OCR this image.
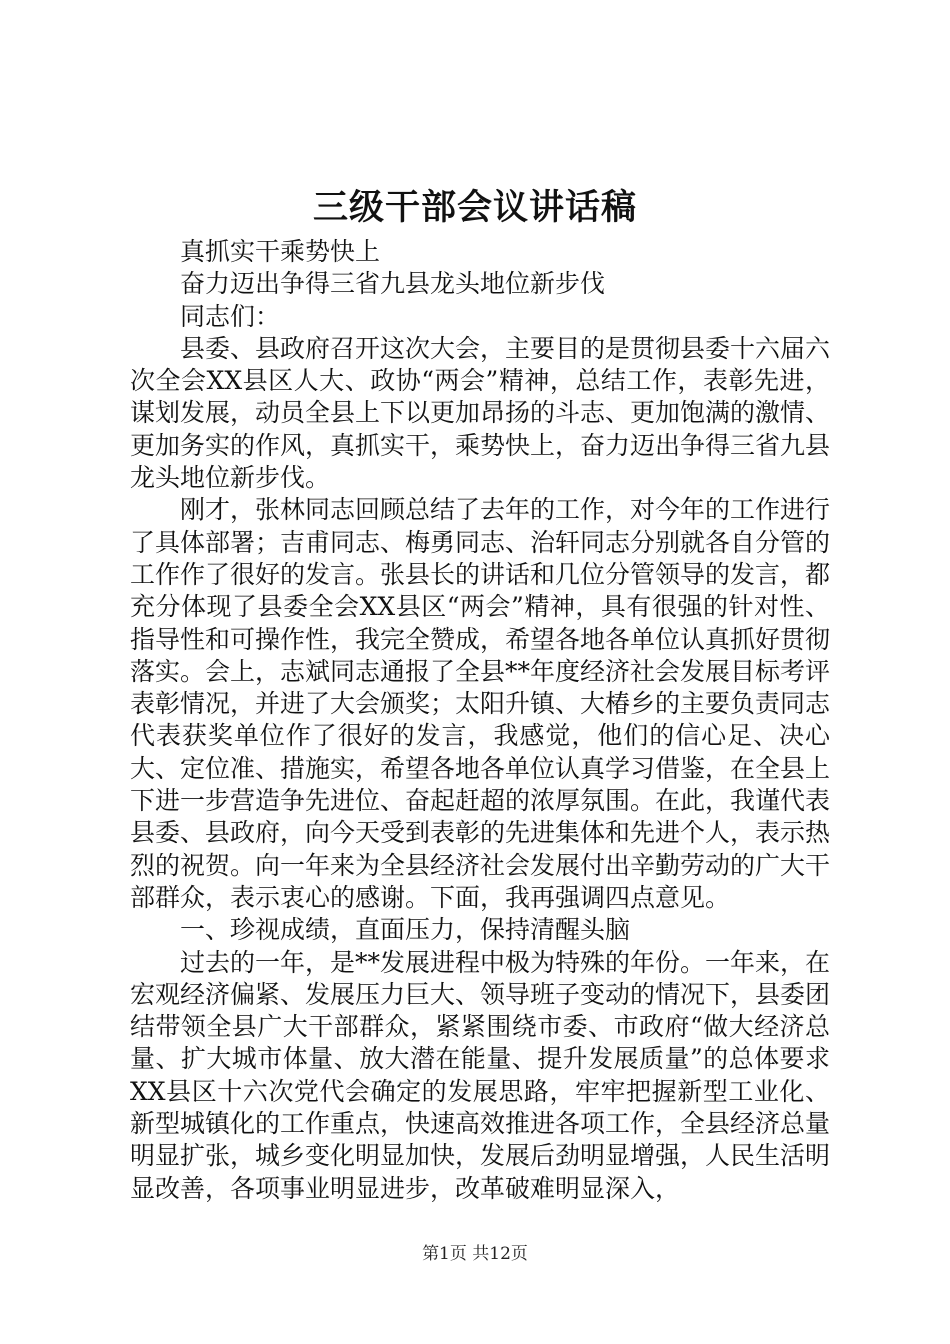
三级干部会议讲话稿

真抓实干乘势快上

奋力迈出争得三省九县龙头地位新步伐

同志们：

县委、县政府召开这次大会，主要目的是贯彻县委十六届六次全会XX县区人大、政协“两会”精神，总结工作，表彰先进，谋划发展，动员全县上下以更加昂扬的斗志、更加饱满的激情、更加务实的作风，真抓实干，乘势快上，奋力迈出争得三省九县龙头地位新步伐。

刚才，张林同志回顾总结了去年的工作，对今年的工作进行了具体部署；吉甫同志、梅勇同志、治轩同志分别就各自分管的工作作了很好的发言。张县长的讲话和几位分管领导的发言，都充分体现了县委全会XX县区“两会”精神，具有很强的针对性、指导性和可操作性，我完全赞成，希望各地各单位认真抓好贯彻落实。会上，志斌同志通报了全县**年度经济社会发展目标考评表彰情况，并进了大会颁奖；太阳升镇、大椿乡的主要负责同志代表获奖单位作了很好的发言，我感觉，他们的信心足、决心大、定位准、措施实，希望各地各单位认真学习借鉴，在全县上下进一步营造争先进位、奋起赶超的浓厚氛围。在此，我谨代表县委、县政府，向今天受到表彰的先进集体和先进个人，表示热烈的祝贺。向一年来为全县经济社会发展付出辛勤劳动的广大干部群众，表示衷心的感谢。下面，我再强调四点意见。

一、珍视成绩，直面压力，保持清醒头脑

过去的一年，是**发展进程中极为特殊的年份。一年来，在宏观经济偏紧、发展压力巨大、领导班子变动的情况下，县委团结带领全县广大干部群众，紧紧围绕市委、市政府“做大经济总量、扩大城市体量、放大潜在能量、提升发展质量”的总体要求XX县区十六次党代会确定的发展思路，牢牢把握新型工业化、新型城镇化的工作重点，快速高效推进各项工作，全县经济总量明显扩张，城乡变化明显加快，发展后劲明显增强，人民生活明显改善，各项事业明显进步，改革破难明显深入，

第1页 共12页
